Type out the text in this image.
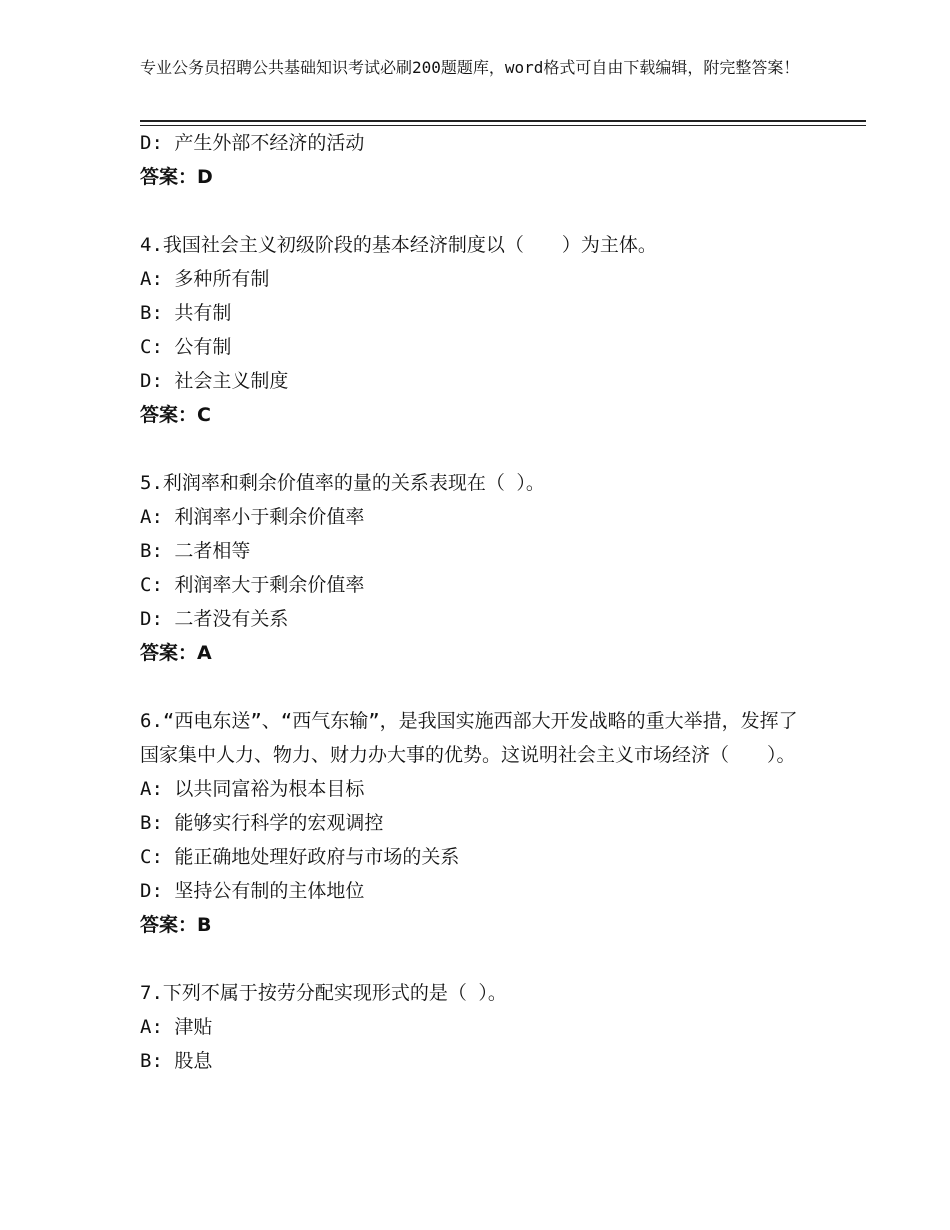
专业公务员招聘公共基础知识考试必刷200题题库，word格式可自由下载编辑，附完整答案！
D: 产生外部不经济的活动
答案：D
4.我国社会主义初级阶段的基本经济制度以（　　）为主体。
A: 多种所有制
B: 共有制
C: 公有制
D: 社会主义制度
答案：C
5.利润率和剩余价值率的量的关系表现在（ ）。
A: 利润率小于剩余价值率
B: 二者相等
C: 利润率大于剩余价值率
D: 二者没有关系
答案：A
6.“西电东送”、“西气东输”，是我国实施西部大开发战略的重大举措，发挥了国家集中人力、物力、财力办大事的优势。这说明社会主义市场经济（　　）。
A: 以共同富裕为根本目标
B: 能够实行科学的宏观调控
C: 能正确地处理好政府与市场的关系
D: 坚持公有制的主体地位
答案：B
7.下列不属于按劳分配实现形式的是（ ）。
A: 津贴
B: 股息
